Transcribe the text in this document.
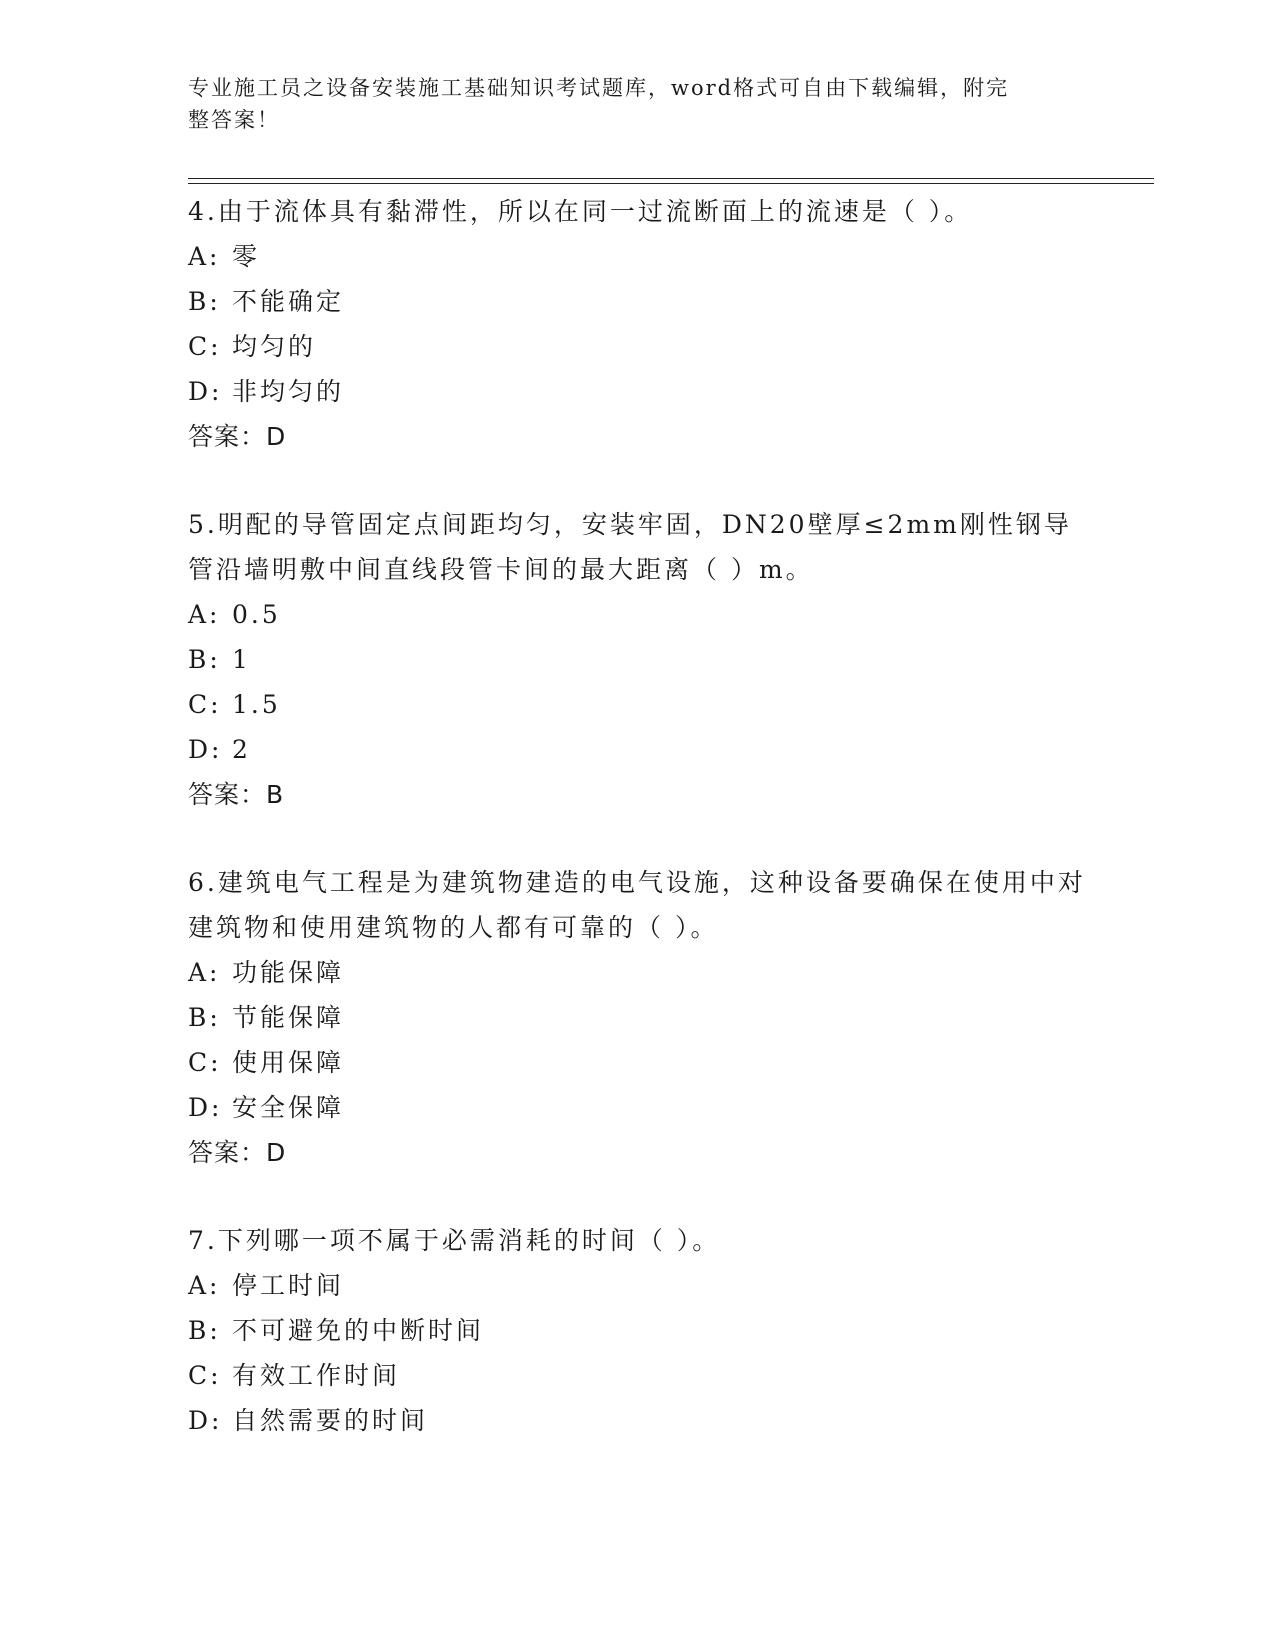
专业施工员之设备安装施工基础知识考试题库，word格式可自由下载编辑，附完
整答案！

4.由于流体具有黏滞性，所以在同一过流断面上的流速是（ ）。

A: 零
B: 不能确定
C: 均匀的
D: 非均匀的
答案：D

5.明配的导管固定点间距均匀，安装牢固，DN20壁厚≤2mm刚性钢导管沿墙明敷中间直线段管卡间的最大距离（ ）m。

A: 0.5
B: 1
C: 1.5
D: 2
答案：B

6.建筑电气工程是为建筑物建造的电气设施，这种设备要确保在使用中对建筑物和使用建筑物的人都有可靠的（ ）。

A: 功能保障
B: 节能保障
C: 使用保障
D: 安全保障
答案：D

7.下列哪一项不属于必需消耗的时间（ ）。

A: 停工时间
B: 不可避免的中断时间
C: 有效工作时间
D: 自然需要的时间
